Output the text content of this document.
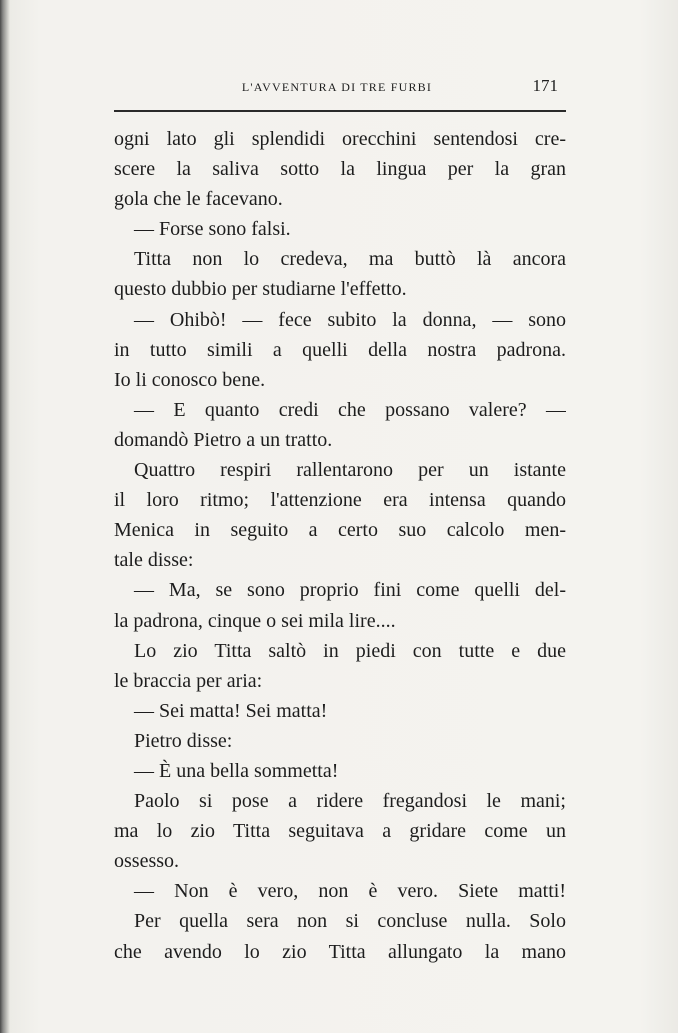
L'AVVENTURA DI TRE FURBI	171
ogni lato gli splendidi orecchini sentendosi cre-
scere la saliva sotto la lingua per la gran
gola che le facevano.
— Forse sono falsi.
Titta non lo credeva, ma buttò là ancora
questo dubbio per studiarne l'effetto.
— Ohibò! — fece subito la donna, — sono
in tutto simili a quelli della nostra padrona.
Io li conosco bene.
— E quanto credi che possano valere? —
domandò Pietro a un tratto.
Quattro respiri rallentarono per un istante
il loro ritmo; l'attenzione era intensa quando
Menica in seguito a certo suo calcolo men-
tale disse:
— Ma, se sono proprio fini come quelli del-
la padrona, cinque o sei mila lire....
Lo zio Titta saltò in piedi con tutte e due
le braccia per aria:
— Sei matta! Sei matta!
Pietro disse:
— È una bella sommetta!
Paolo si pose a ridere fregandosi le mani;
ma lo zio Titta seguitava a gridare come un
ossesso.
— Non è vero, non è vero. Siete matti!
Per quella sera non si concluse nulla. Solo
che avendo lo zio Titta allungato la mano
